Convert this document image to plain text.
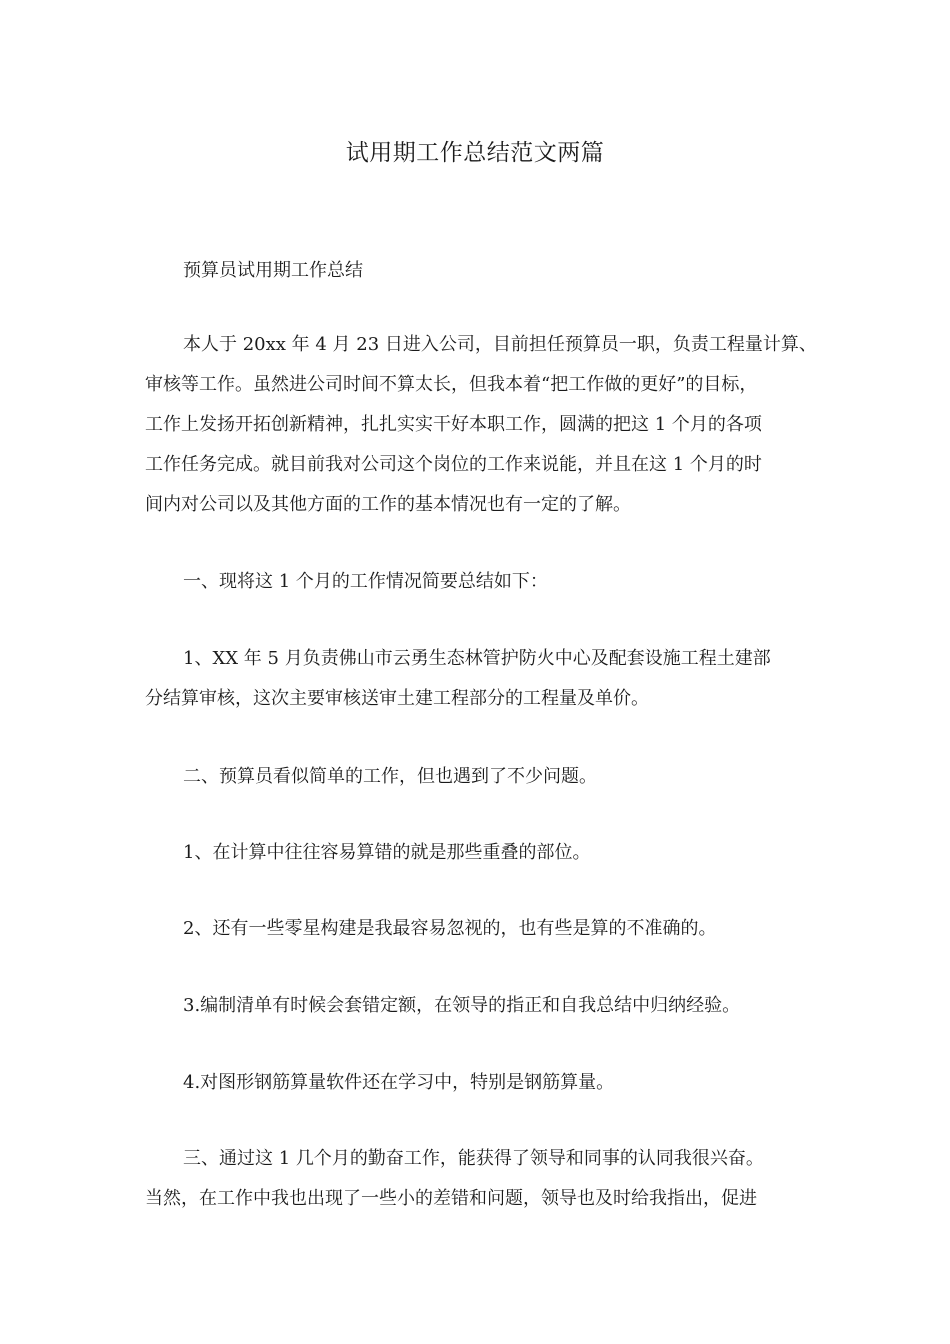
试用期工作总结范文两篇
预算员试用期工作总结
本人于 20xx 年 4 月 23 日进入公司，目前担任预算员一职，负责工程量计算、
审核等工作。虽然进公司时间不算太长，但我本着“把工作做的更好”的目标，
工作上发扬开拓创新精神，扎扎实实干好本职工作，圆满的把这 1 个月的各项
工作任务完成。就目前我对公司这个岗位的工作来说能，并且在这 1 个月的时
间内对公司以及其他方面的工作的基本情况也有一定的了解。
一、现将这 1 个月的工作情况简要总结如下：
1、XX 年 5 月负责佛山市云勇生态林管护防火中心及配套设施工程土建部
分结算审核，这次主要审核送审土建工程部分的工程量及单价。
二、预算员看似简单的工作，但也遇到了不少问题。
1、在计算中往往容易算错的就是那些重叠的部位。
2、还有一些零星构建是我最容易忽视的，也有些是算的不准确的。
3.编制清单有时候会套错定额，在领导的指正和自我总结中归纳经验。
4.对图形钢筋算量软件还在学习中，特别是钢筋算量。
三、通过这 1 几个月的勤奋工作，能获得了领导和同事的认同我很兴奋。
当然，在工作中我也出现了一些小的差错和问题，领导也及时给我指出，促进
